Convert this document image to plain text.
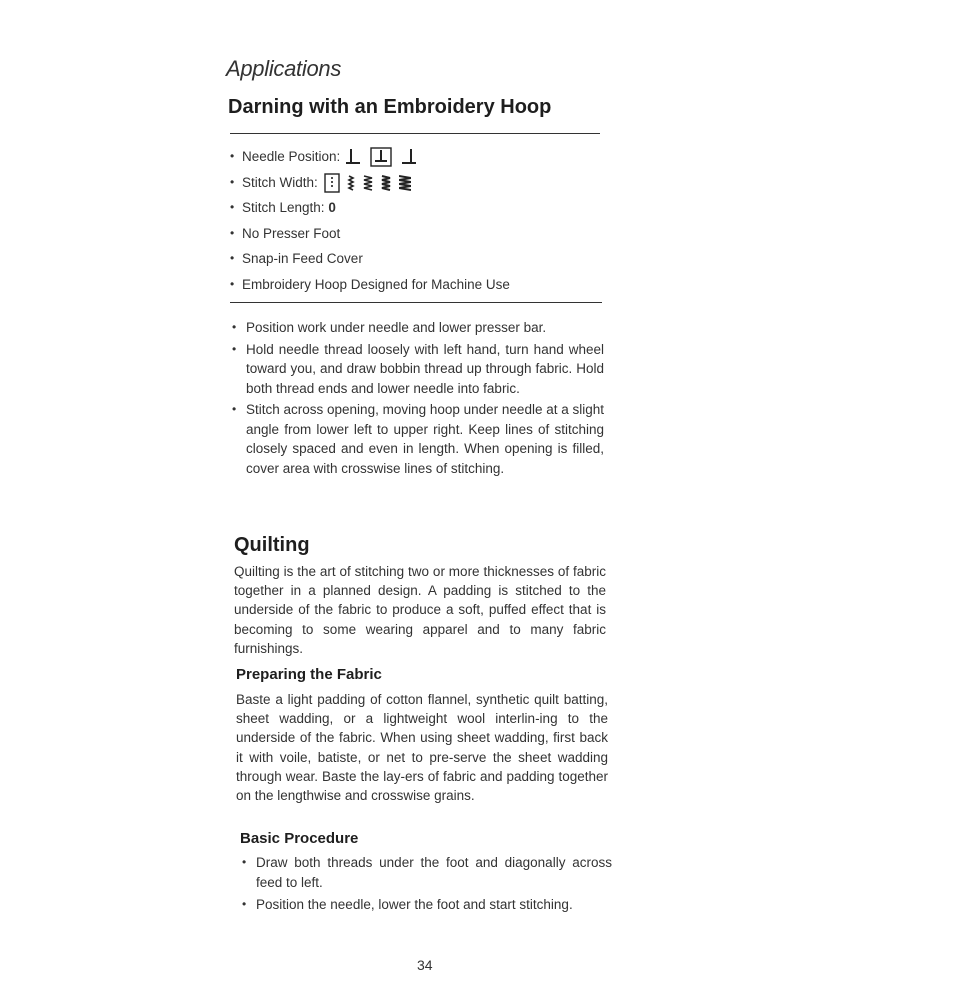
Applications
Darning with an Embroidery Hoop
• Needle Position:
• Stitch Width:
• Stitch Length: 0
• No Presser Foot
• Snap-in Feed Cover
• Embroidery Hoop Designed for Machine Use
• Position work under needle and lower presser bar.
• Hold needle thread loosely with left hand, turn hand wheel toward you, and draw bobbin thread up through fabric. Hold both thread ends and lower needle into fabric.
• Stitch across opening, moving hoop under needle at a slight angle from lower left to upper right. Keep lines of stitching closely spaced and even in length. When opening is filled, cover area with crosswise lines of stitching.
Quilting

Quilting is the art of stitching two or more thicknesses of fabric together in a planned design. A padding is stitched to the underside of the fabric to produce a soft, puffed effect that is becoming to some wearing apparel and to many fabric furnishings.

Preparing the Fabric

Baste a light padding of cotton flannel, synthetic quilt batting, sheet wadding, or a lightweight wool interlin-ing to the underside of the fabric. When using sheet wadding, first back it with voile, batiste, or net to pre-serve the sheet wadding through wear. Baste the lay-ers of fabric and padding together on the lengthwise and crosswise grains.

Basic Procedure
• Draw both threads under the foot and diagonally across feed to left.
• Position the needle, lower the foot and start stitching.
34
